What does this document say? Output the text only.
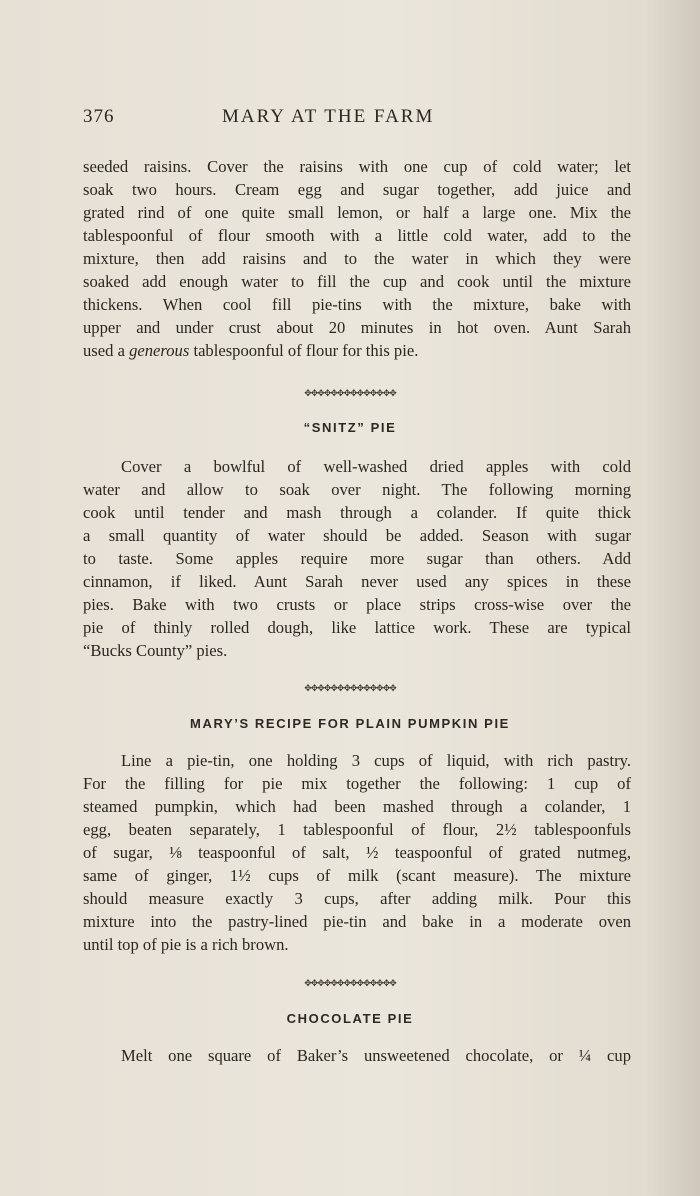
376	MARY AT THE FARM
seeded raisins. Cover the raisins with one cup of cold water; let
soak two hours. Cream egg and sugar together, add juice and
grated rind of one quite small lemon, or half a large one. Mix the
tablespoonful of flour smooth with a little cold water, add to the
mixture, then add raisins and to the water in which they were
soaked add enough water to fill the cup and cook until the mixture
thickens. When cool fill pie-tins with the mixture, bake with
upper and under crust about 20 minutes in hot oven. Aunt Sarah
used a generous tablespoonful of flour for this pie.
✥✥✥✥✥✥✥✥✥✥✥✥✥✥
“SNITZ” PIE
Cover a bowlful of well-washed dried apples with cold
water and allow to soak over night. The following morning
cook until tender and mash through a colander. If quite thick
a small quantity of water should be added. Season with sugar
to taste. Some apples require more sugar than others. Add
cinnamon, if liked. Aunt Sarah never used any spices in these
pies. Bake with two crusts or place strips cross-wise over the
pie of thinly rolled dough, like lattice work. These are typical
“Bucks County” pies.
✥✥✥✥✥✥✥✥✥✥✥✥✥✥
MARY’S RECIPE FOR PLAIN PUMPKIN PIE
Line a pie-tin, one holding 3 cups of liquid, with rich pastry.
For the filling for pie mix together the following: 1 cup of
steamed pumpkin, which had been mashed through a colander, 1
egg, beaten separately, 1 tablespoonful of flour, 2½ tablespoonfuls
of sugar, ⅛ teaspoonful of salt, ½ teaspoonful of grated nutmeg,
same of ginger, 1½ cups of milk (scant measure). The mixture
should measure exactly 3 cups, after adding milk. Pour this
mixture into the pastry-lined pie-tin and bake in a moderate oven
until top of pie is a rich brown.
✥✥✥✥✥✥✥✥✥✥✥✥✥✥
CHOCOLATE PIE
Melt one square of Baker’s unsweetened chocolate, or ¼ cup
